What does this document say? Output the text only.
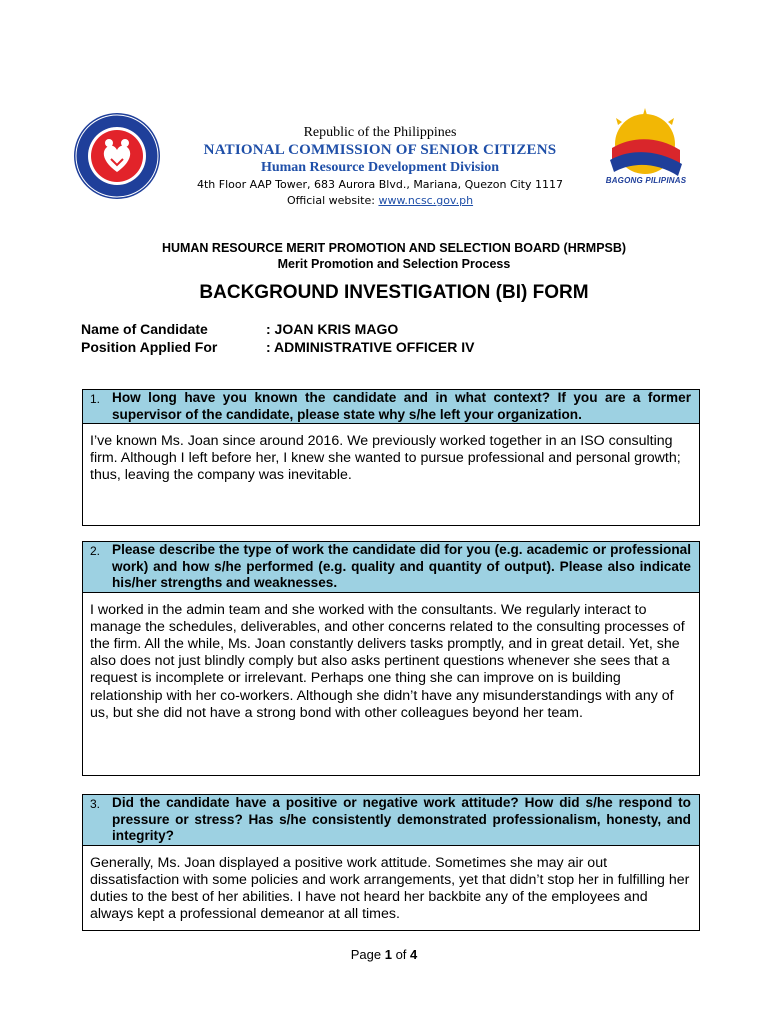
Republic of the Philippines
NATIONAL COMMISSION OF SENIOR CITIZENS
Human Resource Development Division
4th Floor AAP Tower, 683 Aurora Blvd., Mariana, Quezon City 1117
Official website: www.ncsc.gov.ph
BAGONG PILIPINAS
HUMAN RESOURCE MERIT PROMOTION AND SELECTION BOARD (HRMPSB)
Merit Promotion and Selection Process
BACKGROUND INVESTIGATION (BI) FORM
Name of Candidate	: JOAN KRIS MAGO
Position Applied For	: ADMINISTRATIVE OFFICER IV
1. How long have you known the candidate and in what context? If you are a former supervisor of the candidate, please state why s/he left your organization.
I’ve known Ms. Joan since around 2016. We previously worked together in an ISO consulting firm. Although I left before her, I knew she wanted to pursue professional and personal growth; thus, leaving the company was inevitable.
2. Please describe the type of work the candidate did for you (e.g. academic or professional work) and how s/he performed (e.g. quality and quantity of output). Please also indicate his/her strengths and weaknesses.
I worked in the admin team and she worked with the consultants. We regularly interact to manage the schedules, deliverables, and other concerns related to the consulting processes of the firm. All the while, Ms. Joan constantly delivers tasks promptly, and in great detail. Yet, she also does not just blindly comply but also asks pertinent questions whenever she sees that a request is incomplete or irrelevant. Perhaps one thing she can improve on is building relationship with her co-workers. Although she didn’t have any misunderstandings with any of us, but she did not have a strong bond with other colleagues beyond her team.
3. Did the candidate have a positive or negative work attitude? How did s/he respond to pressure or stress? Has s/he consistently demonstrated professionalism, honesty, and integrity?
Generally, Ms. Joan displayed a positive work attitude. Sometimes she may air out dissatisfaction with some policies and work arrangements, yet that didn’t stop her in fulfilling her duties to the best of her abilities. I have not heard her backbite any of the employees and always kept a professional demeanor at all times.
Page 1 of 4
